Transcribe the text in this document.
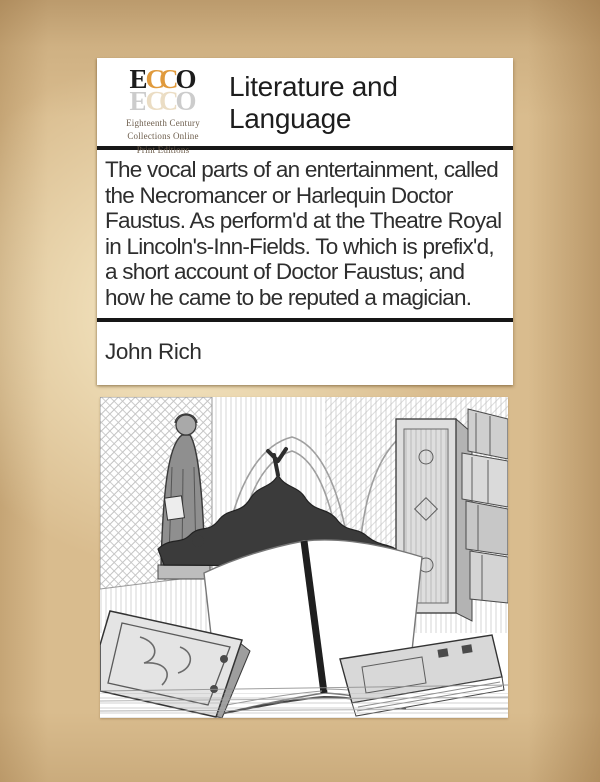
ECC O
ECC O
Eighteenth Century
Collections Online
Print Editions
Literature and Language
The vocal parts of an entertainment, called the Necromancer or Harlequin Doctor Faustus. As perform'd at the Theatre Royal in Lincoln's-Inn-Fields. To which is prefix'd, a short account of Doctor Faustus; and how he came to be reputed a magician.
John Rich
